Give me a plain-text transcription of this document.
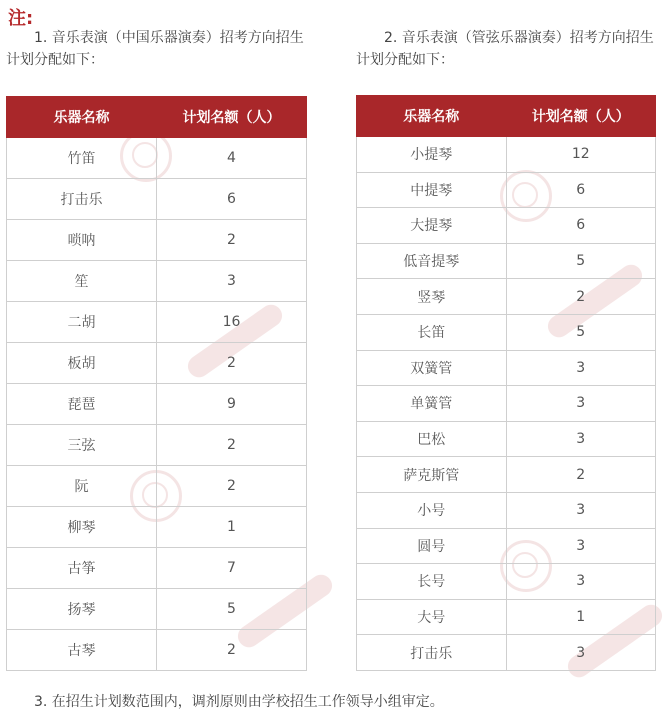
注:
1. 音乐表演（中国乐器演奏）招考方向招生计划分配如下：
2. 音乐表演（管弦乐器演奏）招考方向招生计划分配如下：
乐器名称	计划名额（人）
竹笛	4
打击乐	6
唢呐	2
笙	3
二胡	16
板胡	2
琵琶	9
三弦	2
阮	2
柳琴	1
古筝	7
扬琴	5
古琴	2
乐器名称	计划名额（人）
小提琴	12
中提琴	6
大提琴	6
低音提琴	5
竖琴	2
长笛	5
双簧管	3
单簧管	3
巴松	3
萨克斯管	2
小号	3
圆号	3
长号	3
大号	1
打击乐	3
3. 在招生计划数范围内，调剂原则由学校招生工作领导小组审定。
